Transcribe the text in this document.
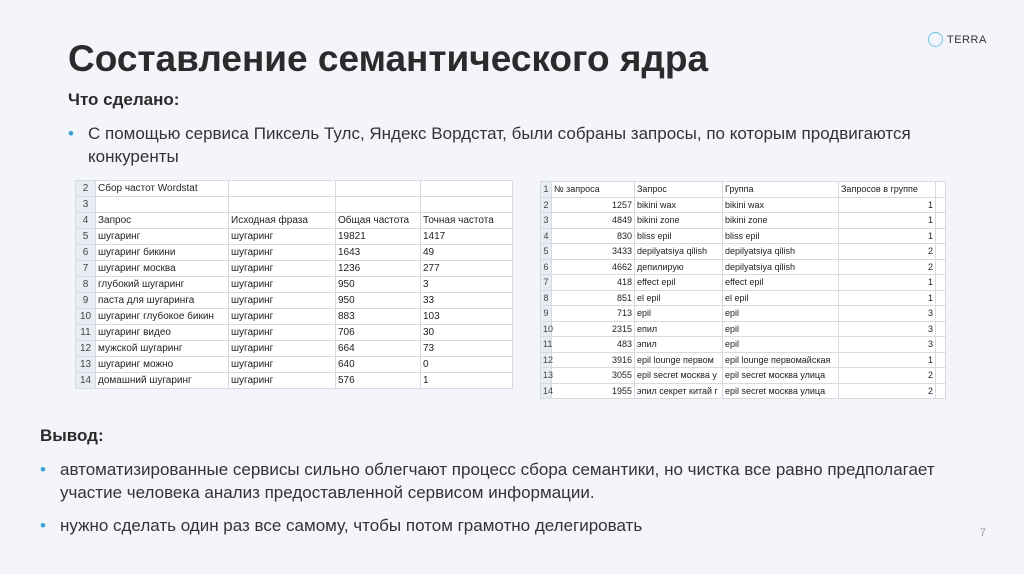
Составление семантического ядра	TERRA
Что сделано:
• С помощью сервиса Пиксель Тулс, Яндекс Вордстат, были собраны запросы, по которым продвигаются конкуренты
2	Сбор частот Wordstat			
3				
4	Запрос	Исходная фраза	Общая частота	Точная частота
5	шугаринг	шугаринг	19821	1417
6	шугаринг бикини	шугаринг	1643	49
7	шугаринг москва	шугаринг	1236	277
8	глубокий шугаринг	шугаринг	950	3
9	паста для шугаринга	шугаринг	950	33
10	шугаринг глубокое бикин	шугаринг	883	103
11	шугаринг видео	шугаринг	706	30
12	мужской шугаринг	шугаринг	664	73
13	шугаринг можно	шугаринг	640	0
14	домашний шугаринг	шугаринг	576	1
1	№ запроса	Запрос	Группа	Запросов в группе	
2	1257	bikini wax	bikini wax	1	
3	4849	bikini zone	bikini zone	1	
4	830	bliss epil	bliss epil	1	
5	3433	depilyatsiya qilish	depilyatsiya qilish	2	
6	4662	депилирую	depilyatsiya qilish	2	
7	418	effect epil	effect epil	1	
8	851	el epil	el epil	1	
9	713	epil	epil	3	
10	2315	епил	epil	3	
11	483	эпил	epil	3	
12	3916	epil lounge первом	epil lounge первомайская	1	
13	3055	epil secret москва у	epil secret москва улица	2	
14	1955	эпил секрет китай г	epil secret москва улица	2	
Вывод:
• автоматизированные сервисы сильно облегчают процесс сбора семантики, но чистка все равно предполагает участие человека анализ предоставленной сервисом информации.
• нужно сделать один раз все самому, чтобы потом грамотно делегировать	7
